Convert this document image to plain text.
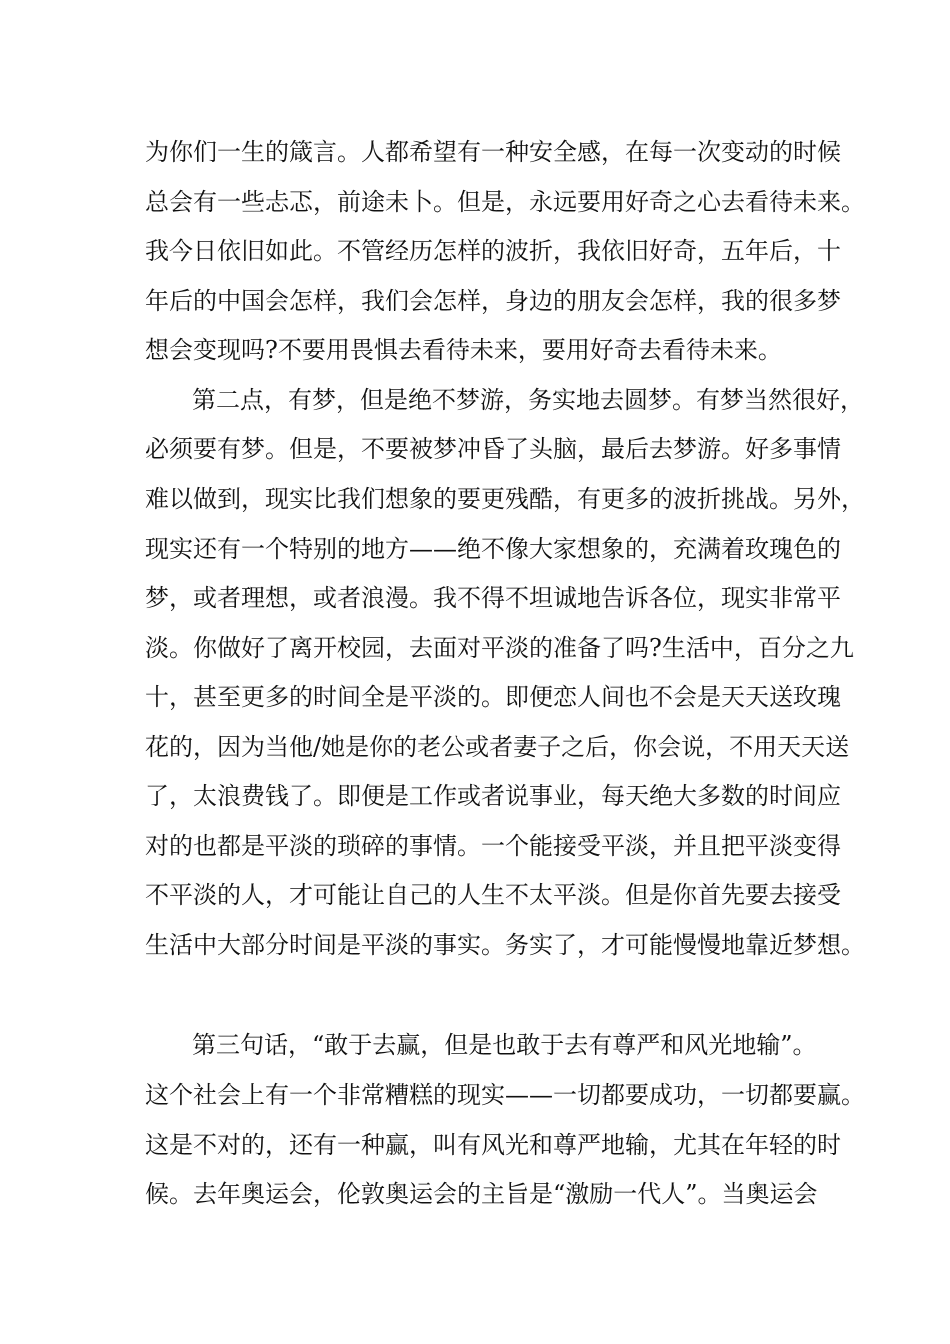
为你们一生的箴言。人都希望有一种安全感，在每一次变动的时候
总会有一些忐忑，前途未卜。但是，永远要用好奇之心去看待未来。
我今日依旧如此。不管经历怎样的波折，我依旧好奇，五年后，十
年后的中国会怎样，我们会怎样，身边的朋友会怎样，我的很多梦
想会变现吗?不要用畏惧去看待未来，要用好奇去看待未来。
第二点，有梦，但是绝不梦游，务实地去圆梦。有梦当然很好，
必须要有梦。但是，不要被梦冲昏了头脑，最后去梦游。好多事情
难以做到，现实比我们想象的要更残酷，有更多的波折挑战。另外，
现实还有一个特别的地方——绝不像大家想象的，充满着玫瑰色的
梦，或者理想，或者浪漫。我不得不坦诚地告诉各位，现实非常平
淡。你做好了离开校园，去面对平淡的准备了吗?生活中，百分之九
十，甚至更多的时间全是平淡的。即便恋人间也不会是天天送玫瑰
花的，因为当他/她是你的老公或者妻子之后，你会说，不用天天送
了，太浪费钱了。即便是工作或者说事业，每天绝大多数的时间应
对的也都是平淡的琐碎的事情。一个能接受平淡，并且把平淡变得
不平淡的人，才可能让自己的人生不太平淡。但是你首先要去接受
生活中大部分时间是平淡的事实。务实了，才可能慢慢地靠近梦想。
第三句话，“敢于去赢，但是也敢于去有尊严和风光地输”。
这个社会上有一个非常糟糕的现实——一切都要成功，一切都要赢。
这是不对的，还有一种赢，叫有风光和尊严地输，尤其在年轻的时
候。去年奥运会，伦敦奥运会的主旨是“激励一代人”。当奥运会
